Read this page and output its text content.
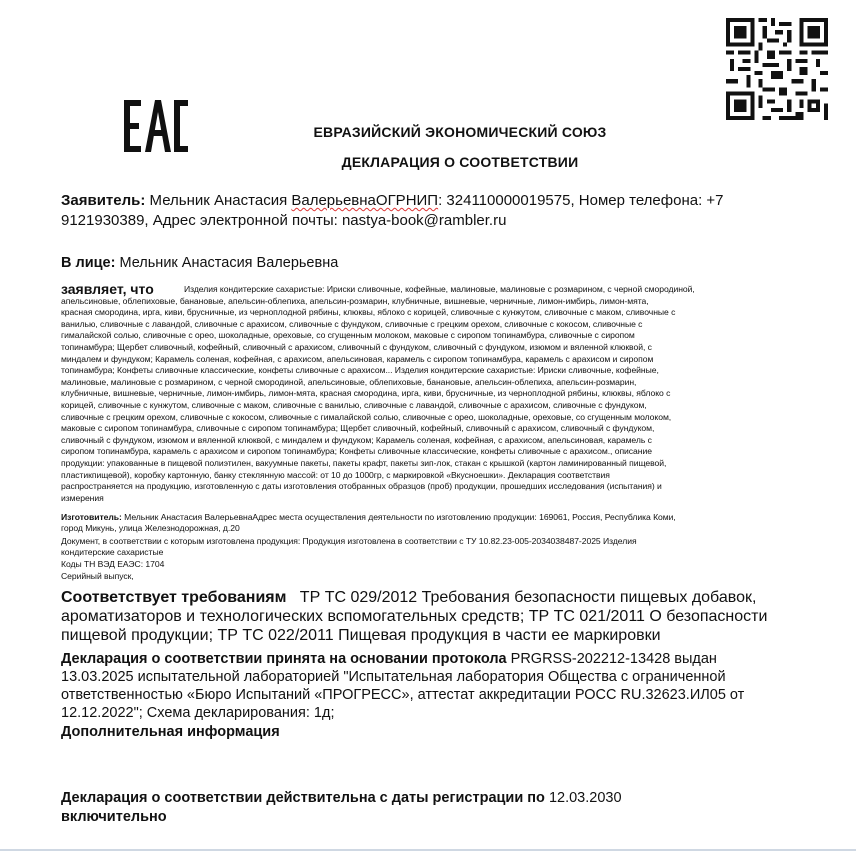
ЕВРАЗИЙСКИЙ ЭКОНОМИЧЕСКИЙ СОЮЗ
ДЕКЛАРАЦИЯ О СООТВЕТСТВИИ
Заявитель: Мельник Анастасия ВалерьевнаОГРНИП: 324110000019575, Номер телефона: +7
9121930389, Адрес электронной почты: nastya-book@rambler.ru
В лице: Мельник Анастасия Валерьевна
заявляет, что	Изделия кондитерские сахаристые: Ириски сливочные, кофейные, малиновые, малиновые с розмарином, с черной смородиной,
апельсиновые, облепиховые, банановые, апельсин-облепиха, апельсин-розмарин, клубничные, вишневые, черничные, лимон-имбирь, лимон-мята,
красная смородина, ирга, киви, брусничные, из черноплодной рябины, клюквы, яблоко с корицей, сливочные с кунжутом, сливочные с маком, сливочные с
ванилью, сливочные с лавандой, сливочные с арахисом, сливочные с фундуком, сливочные с грецким орехом, сливочные с кокосом, сливочные с
гималайской солью, сливочные с орео, шоколадные, ореховые, со сгущенным молоком, маковые с сиропом топинамбура, сливочные с сиропом
топинамбура; Щербет сливочный, кофейный, сливочный с арахисом, сливочный с фундуком, сливочный с фундуком, изюмом и вяленной клюквой, с
миндалем и фундуком; Карамель соленая, кофейная, с арахисом, апельсиновая, карамель с сиропом топинамбура, карамель с арахисом и сиропом
топинамбура; Конфеты сливочные классические, конфеты сливочные с арахисом... Изделия кондитерские сахаристые: Ириски сливочные, кофейные,
малиновые, малиновые с розмарином, с черной смородиной, апельсиновые, облепиховые, банановые, апельсин-облепиха, апельсин-розмарин,
клубничные, вишневые, черничные, лимон-имбирь, лимон-мята, красная смородина, ирга, киви, брусничные, из черноплодной рябины, клюквы, яблоко с
корицей, сливочные с кунжутом, сливочные с маком, сливочные с ванилью, сливочные с лавандой, сливочные с арахисом, сливочные с фундуком,
сливочные с грецким орехом, сливочные с кокосом, сливочные с гималайской солью, сливочные с орео, шоколадные, ореховые, со сгущенным молоком,
маковые с сиропом топинамбура, сливочные с сиропом топинамбура; Щербет сливочный, кофейный, сливочный с арахисом, сливочный с фундуком,
сливочный с фундуком, изюмом и вяленной клюквой, с миндалем и фундуком; Карамель соленая, кофейная, с арахисом, апельсиновая, карамель с
сиропом топинамбура, карамель с арахисом и сиропом топинамбура; Конфеты сливочные классические, конфеты сливочные с арахисом., описание
продукции: упакованные в пищевой полиэтилен, вакуумные пакеты, пакеты крафт, пакеты зип-лок, стакан с крышкой (картон ламинированный пищевой,
пластикпищевой), коробку картонную, банку стеклянную массой: от 10 до 1000гр, с маркировкой «Вкусноешки». Декларация соответствия
распространяется на продукцию, изготовленную с даты изготовления отобранных образцов (проб) продукции, прошедших исследования (испытания) и
измерения
Изготовитель: Мельник Анастасия ВалерьевнаАдрес места осуществления деятельности по изготовлению продукции: 169061, Россия, Республика Коми,
город Микунь, улица Железнодорожная, д.20
Документ, в соответствии с которым изготовлена продукция: Продукция изготовлена в соответствии с ТУ 10.82.23-005-2034038487-2025 Изделия
кондитерские сахаристые
Коды ТН ВЭД ЕАЭС: 1704
Серийный выпуск,
Соответствует требованиям ТР ТС 029/2012 Требования безопасности пищевых добавок,
ароматизаторов и технологических вспомогательных средств; ТР ТС 021/2011 О безопасности
пищевой продукции; ТР ТС 022/2011 Пищевая продукция в части ее маркировки
Декларация о соответствии принята на основании протокола PRGRSS-202212-13428 выдан
13.03.2025 испытательной лабораторией "Испытательная лаборатория Общества с ограниченной
ответственностью «Бюро Испытаний «ПРОГРЕСС», аттестат аккредитации РОСС RU.32623.ИЛ05 от
12.12.2022"; Схема декларирования: 1д;
Дополнительная информация
Декларация о соответствии действительна с даты регистрации по 12.03.2030
включительно
